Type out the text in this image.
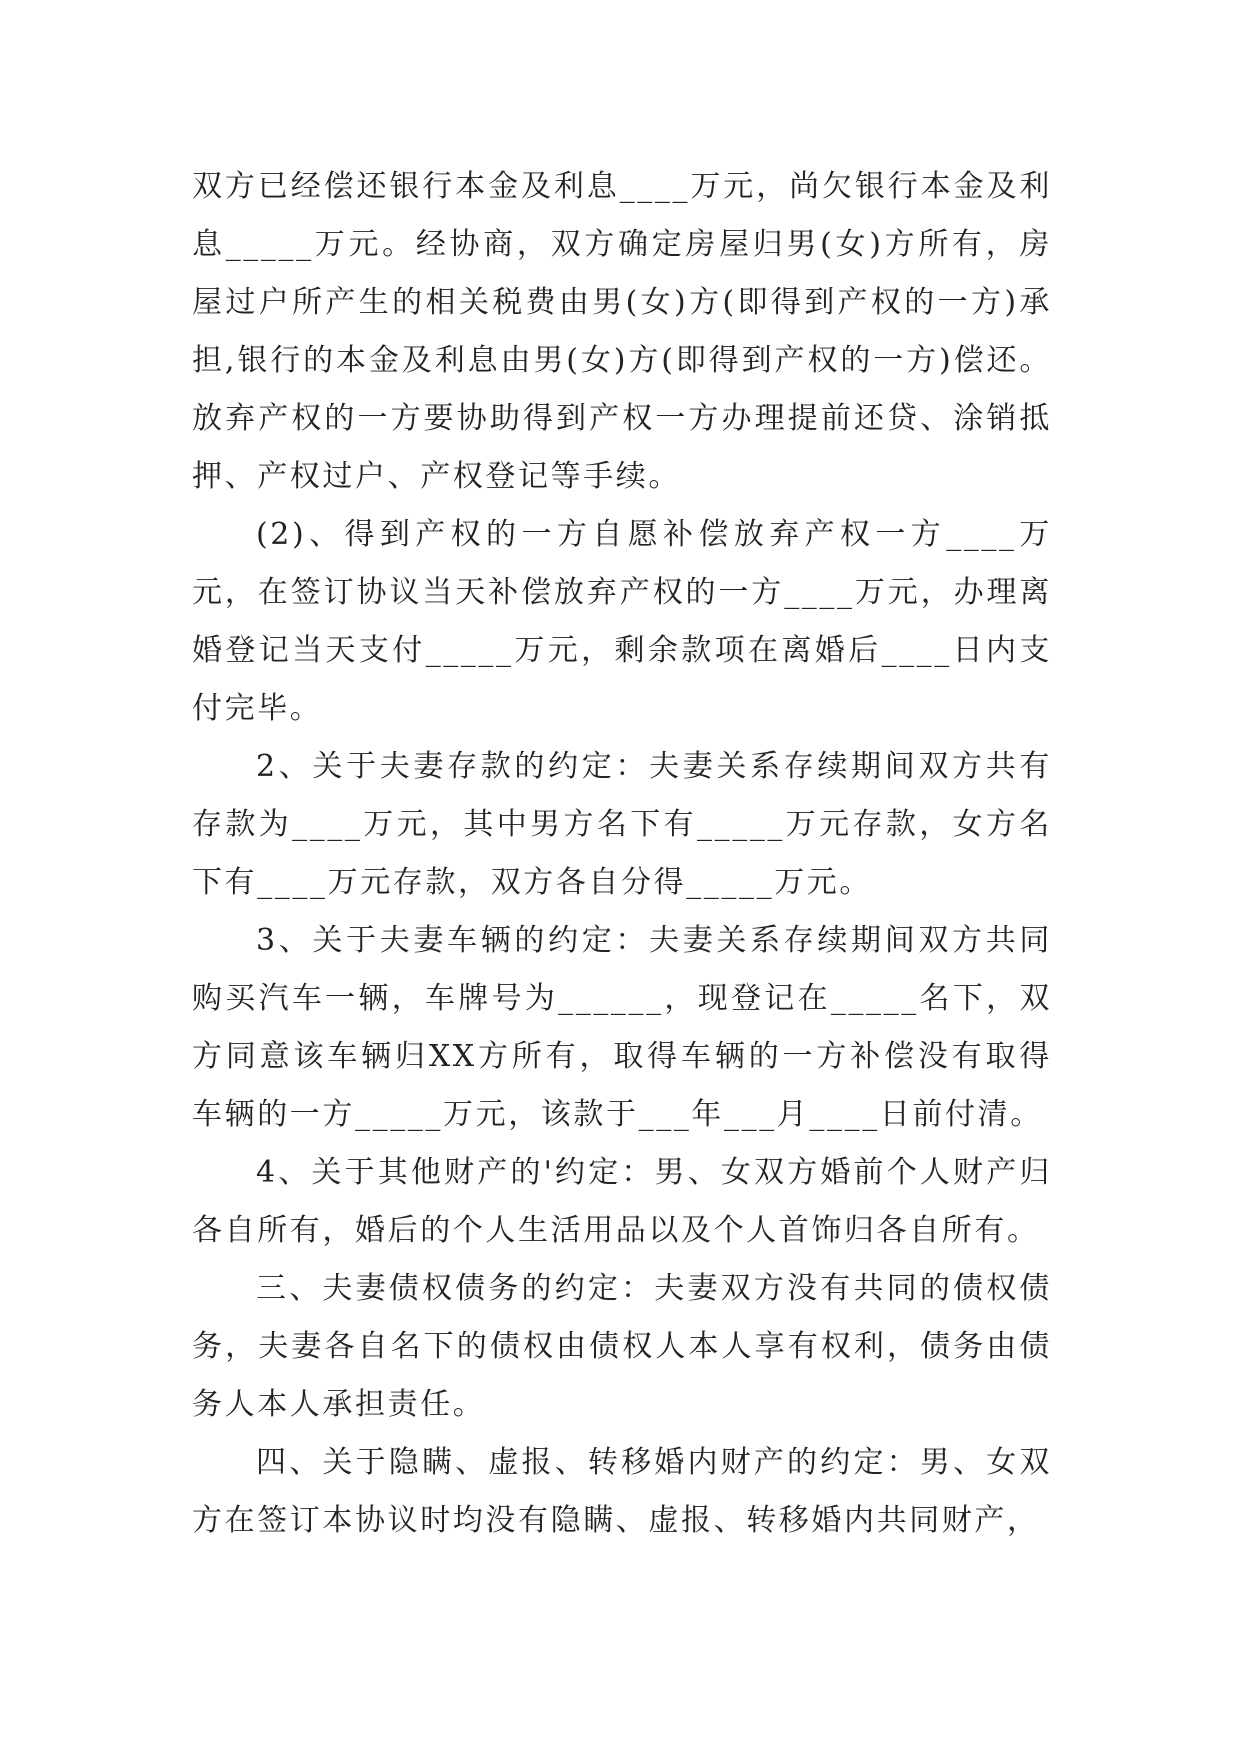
双方已经偿还银行本金及利息____万元，尚欠银行本金及利息_____万元。经协商，双方确定房屋归男(女)方所有，房屋过户所产生的相关税费由男(女)方(即得到产权的一方)承担,银行的本金及利息由男(女)方(即得到产权的一方)偿还。放弃产权的一方要协助得到产权一方办理提前还贷、涂销抵押、产权过户、产权登记等手续。

(2)、得到产权的一方自愿补偿放弃产权一方____万元，在签订协议当天补偿放弃产权的一方____万元，办理离婚登记当天支付_____万元，剩余款项在离婚后____日内支付完毕。

2、关于夫妻存款的约定：夫妻关系存续期间双方共有存款为____万元，其中男方名下有_____万元存款，女方名下有____万元存款，双方各自分得_____万元。

3、关于夫妻车辆的约定：夫妻关系存续期间双方共同购买汽车一辆，车牌号为______，现登记在_____名下，双方同意该车辆归XX方所有，取得车辆的一方补偿没有取得车辆的一方_____万元，该款于___年___月____日前付清。

4、关于其他财产的'约定：男、女双方婚前个人财产归各自所有，婚后的个人生活用品以及个人首饰归各自所有。

三、夫妻债权债务的约定：夫妻双方没有共同的债权债务，夫妻各自名下的债权由债权人本人享有权利，债务由债务人本人承担责任。

四、关于隐瞒、虚报、转移婚内财产的约定：男、女双方在签订本协议时均没有隐瞒、虚报、转移婚内共同财产，
